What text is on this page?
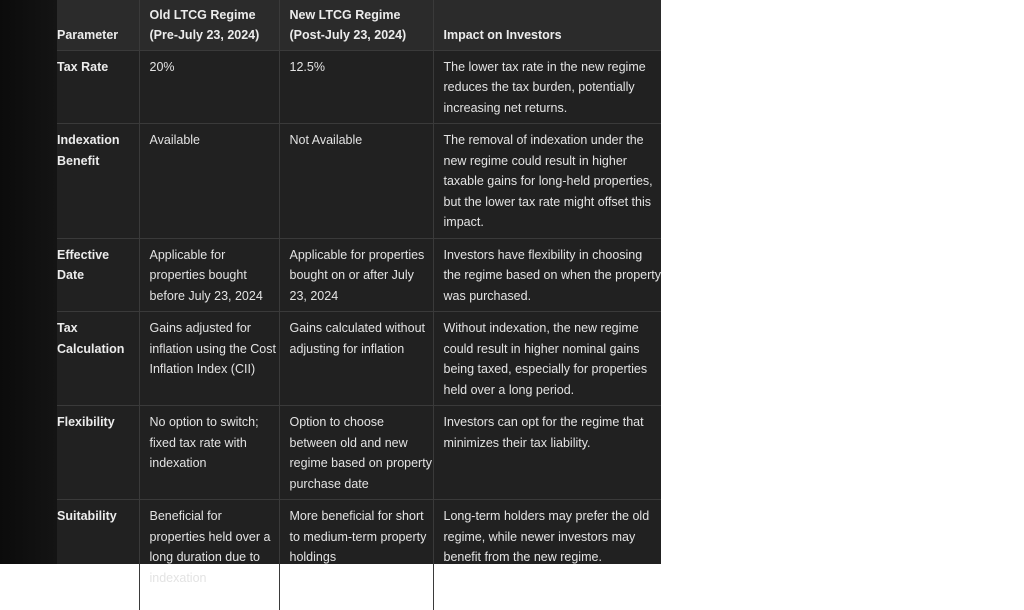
Parameter	Old LTCG Regime (Pre-July 23, 2024)	New LTCG Regime (Post-July 23, 2024)	Impact on Investors
Tax Rate	20%	12.5%	The lower tax rate in the new regime reduces the tax burden, potentially increasing net returns.
Indexation Benefit	Available	Not Available	The removal of indexation under the new regime could result in higher taxable gains for long-held properties, but the lower tax rate might offset this impact.
Effective Date	Applicable for properties bought before July 23, 2024	Applicable for properties bought on or after July 23, 2024	Investors have flexibility in choosing the regime based on when the property was purchased.
Tax Calculation	Gains adjusted for inflation using the Cost Inflation Index (CII)	Gains calculated without adjusting for inflation	Without indexation, the new regime could result in higher nominal gains being taxed, especially for properties held over a long period.
Flexibility	No option to switch; fixed tax rate with indexation	Option to choose between old and new regime based on property purchase date	Investors can opt for the regime that minimizes their tax liability.
Suitability	Beneficial for properties held over a long duration due to indexation	More beneficial for short to medium-term property holdings	Long-term holders may prefer the old regime, while newer investors may benefit from the new regime.
